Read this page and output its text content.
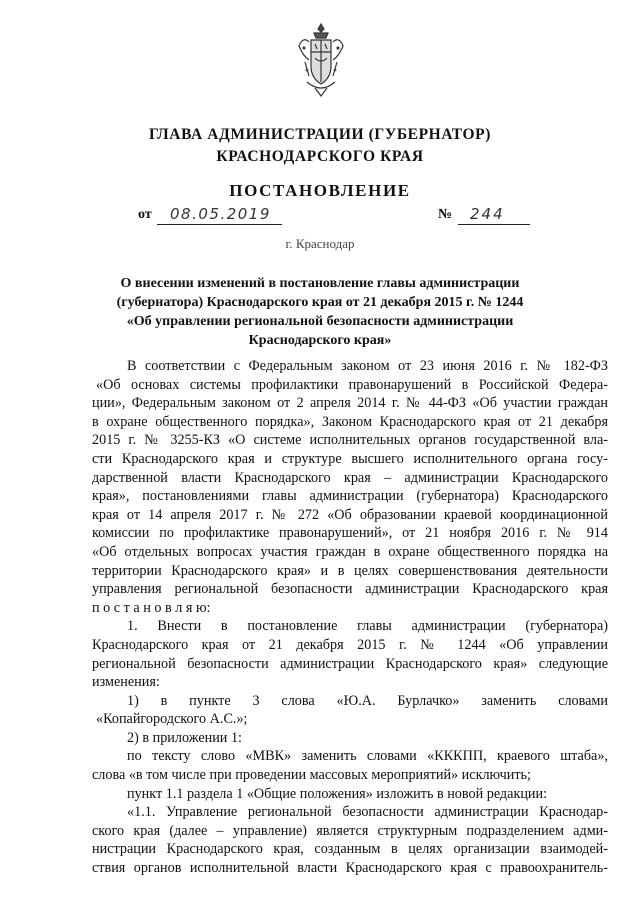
ГЛАВА АДМИНИСТРАЦИИ (ГУБЕРНАТОР)
КРАСНОДАРСКОГО КРАЯ
ПОСТАНОВЛЕНИЕ
от 08.05.2019	№ 244
г. Краснодар
О внесении изменений в постановление главы администрации
(губернатора) Краснодарского края от 21 декабря 2015 г. № 1244
«Об управлении региональной безопасности администрации
Краснодарского края»
В соответствии с Федеральным законом от 23 июня 2016 г. № 182-ФЗ
«Об основах системы профилактики правонарушений в Российской Федера-
ции», Федеральным законом от 2 апреля 2014 г. № 44-ФЗ «Об участии граждан
в охране общественного порядка», Законом Краснодарского края от 21 декабря
2015 г. № 3255-КЗ «О системе исполнительных органов государственной вла-
сти Краснодарского края и структуре высшего исполнительного органа госу-
дарственной власти Краснодарского края – администрации Краснодарского
края», постановлениями главы администрации (губернатора) Краснодарского
края от 14 апреля 2017 г. № 272 «Об образовании краевой координационной
комиссии по профилактике правонарушений», от 21 ноября 2016 г. № 914
«Об отдельных вопросах участия граждан в охране общественного порядка на
территории Краснодарского края» и в целях совершенствования деятельности
управления региональной безопасности администрации Краснодарского края
п о с т а н о в л я ю:
1. Внести в постановление главы администрации (губернатора)
Краснодарского края от 21 декабря 2015 г. № 1244 «Об управлении
региональной безопасности администрации Краснодарского края» следующие
изменения:
1) в пункте 3 слова «Ю.А. Бурлачко» заменить словами
«Копайгородского А.С.»;
2) в приложении 1:
по тексту слово «МВК» заменить словами «КККПП, краевого штаба»,
слова «в том числе при проведении массовых мероприятий» исключить;
пункт 1.1 раздела 1 «Общие положения» изложить в новой редакции:
«1.1. Управление региональной безопасности администрации Краснодар-
ского края (далее – управление) является структурным подразделением адми-
нистрации Краснодарского края, созданным в целях организации взаимодей-
ствия органов исполнительной власти Краснодарского края с правоохранитель-
